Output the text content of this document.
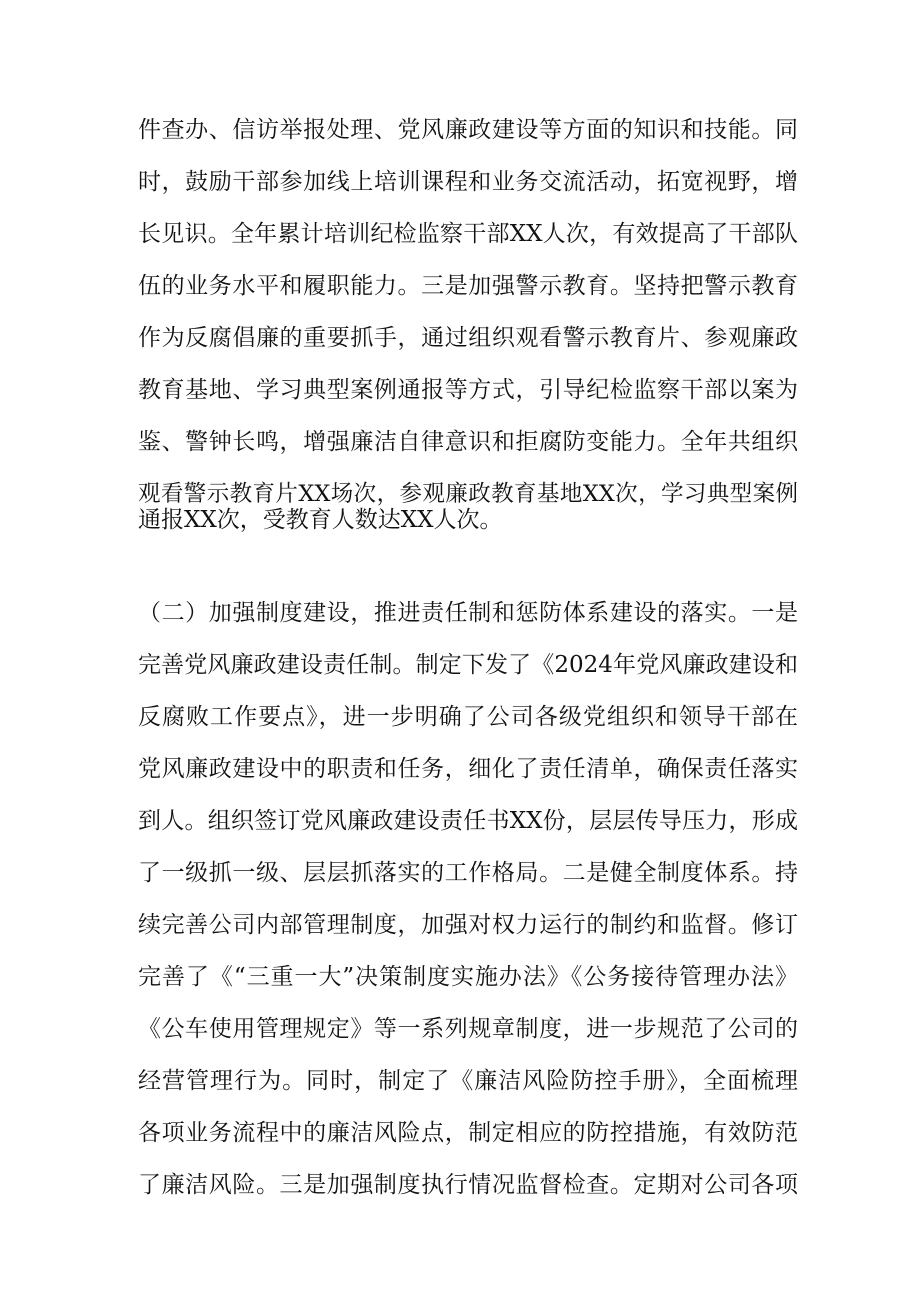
件查办、信访举报处理、党风廉政建设等方面的知识和技能。同
时，鼓励干部参加线上培训课程和业务交流活动，拓宽视野，增
长见识。全年累计培训纪检监察干部XX人次，有效提高了干部队
伍的业务水平和履职能力。三是加强警示教育。坚持把警示教育
作为反腐倡廉的重要抓手，通过组织观看警示教育片、参观廉政
教育基地、学习典型案例通报等方式，引导纪检监察干部以案为
鉴、警钟长鸣，增强廉洁自律意识和拒腐防变能力。全年共组织
观看警示教育片XX场次，参观廉政教育基地XX次，学习典型案例
通报XX次，受教育人数达XX人次。
（二）加强制度建设，推进责任制和惩防体系建设的落实。一是
完善党风廉政建设责任制。制定下发了《2024年党风廉政建设和
反腐败工作要点》，进一步明确了公司各级党组织和领导干部在
党风廉政建设中的职责和任务，细化了责任清单，确保责任落实
到人。组织签订党风廉政建设责任书XX份，层层传导压力，形成
了一级抓一级、层层抓落实的工作格局。二是健全制度体系。持
续完善公司内部管理制度，加强对权力运行的制约和监督。修订
完善了《“三重一大”决策制度实施办法》《公务接待管理办法》
《公车使用管理规定》等一系列规章制度，进一步规范了公司的
经营管理行为。同时，制定了《廉洁风险防控手册》，全面梳理
各项业务流程中的廉洁风险点，制定相应的防控措施，有效防范
了廉洁风险。三是加强制度执行情况监督检查。定期对公司各项
